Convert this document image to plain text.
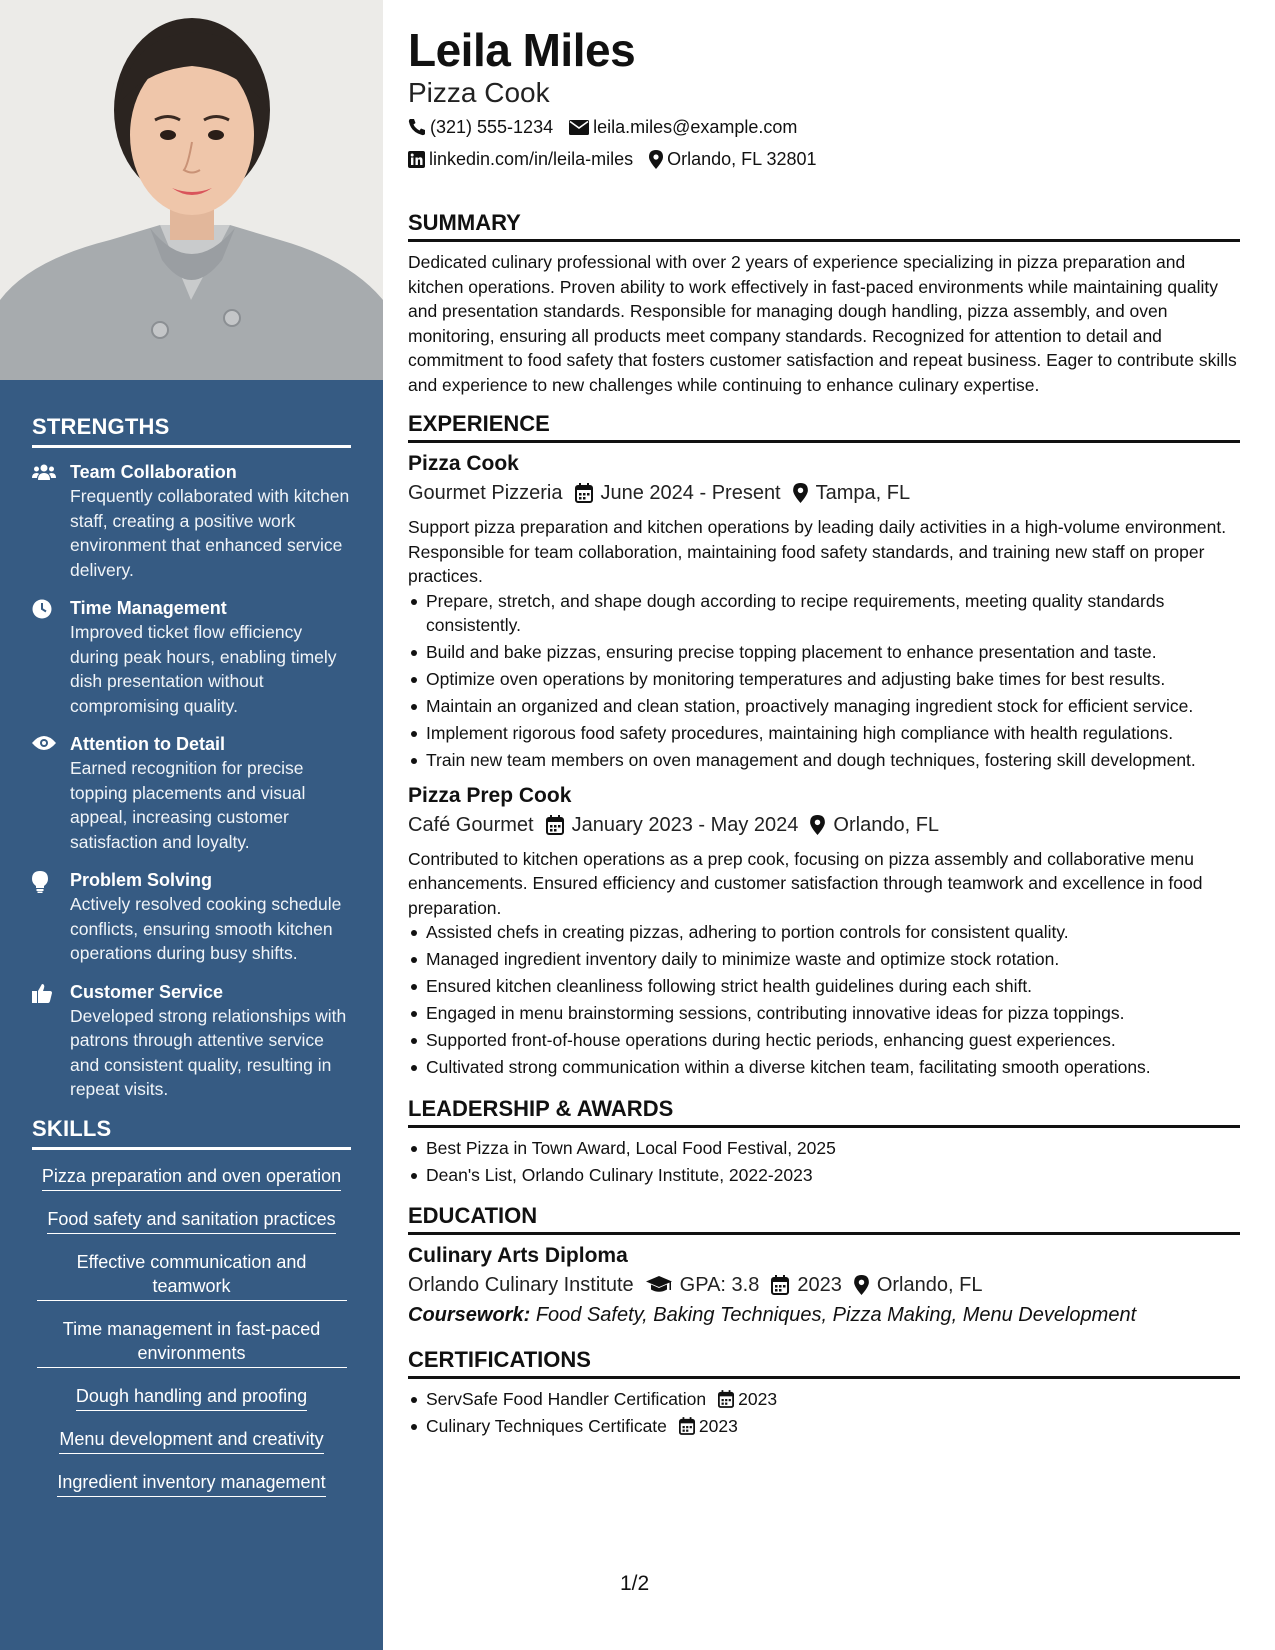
STRENGTHS
Team Collaboration
Frequently collaborated with kitchen staff, creating a positive work environment that enhanced service delivery.
Time Management
Improved ticket flow efficiency during peak hours, enabling timely dish presentation without compromising quality.
Attention to Detail
Earned recognition for precise topping placements and visual appeal, increasing customer satisfaction and loyalty.
Problem Solving
Actively resolved cooking schedule conflicts, ensuring smooth kitchen operations during busy shifts.
Customer Service
Developed strong relationships with patrons through attentive service and consistent quality, resulting in repeat visits.
SKILLS
Pizza preparation and oven operation
Food safety and sanitation practices
Effective communication and teamwork
Time management in fast-paced environments
Dough handling and proofing
Menu development and creativity
Ingredient inventory management
Leila Miles
Pizza Cook
(321) 555-1234 leila.miles@example.com
linkedin.com/in/leila-miles Orlando, FL 32801
SUMMARY
Dedicated culinary professional with over 2 years of experience specializing in pizza preparation and kitchen operations. Proven ability to work effectively in fast-paced environments while maintaining quality and presentation standards. Responsible for managing dough handling, pizza assembly, and oven monitoring, ensuring all products meet company standards. Recognized for attention to detail and commitment to food safety that fosters customer satisfaction and repeat business. Eager to contribute skills and experience to new challenges while continuing to enhance culinary expertise.
EXPERIENCE
Pizza Cook
Gourmet Pizzeria June 2024 - Present Tampa, FL
Support pizza preparation and kitchen operations by leading daily activities in a high-volume environment. Responsible for team collaboration, maintaining food safety standards, and training new staff on proper practices.
Prepare, stretch, and shape dough according to recipe requirements, meeting quality standards consistently.
Build and bake pizzas, ensuring precise topping placement to enhance presentation and taste.
Optimize oven operations by monitoring temperatures and adjusting bake times for best results.
Maintain an organized and clean station, proactively managing ingredient stock for efficient service.
Implement rigorous food safety procedures, maintaining high compliance with health regulations.
Train new team members on oven management and dough techniques, fostering skill development.
Pizza Prep Cook
Café Gourmet January 2023 - May 2024 Orlando, FL
Contributed to kitchen operations as a prep cook, focusing on pizza assembly and collaborative menu enhancements. Ensured efficiency and customer satisfaction through teamwork and excellence in food preparation.
Assisted chefs in creating pizzas, adhering to portion controls for consistent quality.
Managed ingredient inventory daily to minimize waste and optimize stock rotation.
Ensured kitchen cleanliness following strict health guidelines during each shift.
Engaged in menu brainstorming sessions, contributing innovative ideas for pizza toppings.
Supported front-of-house operations during hectic periods, enhancing guest experiences.
Cultivated strong communication within a diverse kitchen team, facilitating smooth operations.
LEADERSHIP & AWARDS
Best Pizza in Town Award, Local Food Festival, 2025
Dean's List, Orlando Culinary Institute, 2022-2023
EDUCATION
Culinary Arts Diploma
Orlando Culinary Institute GPA: 3.8 2023 Orlando, FL
Coursework: Food Safety, Baking Techniques, Pizza Making, Menu Development
CERTIFICATIONS
ServSafe Food Handler Certification 2023
Culinary Techniques Certificate 2023
1/2
